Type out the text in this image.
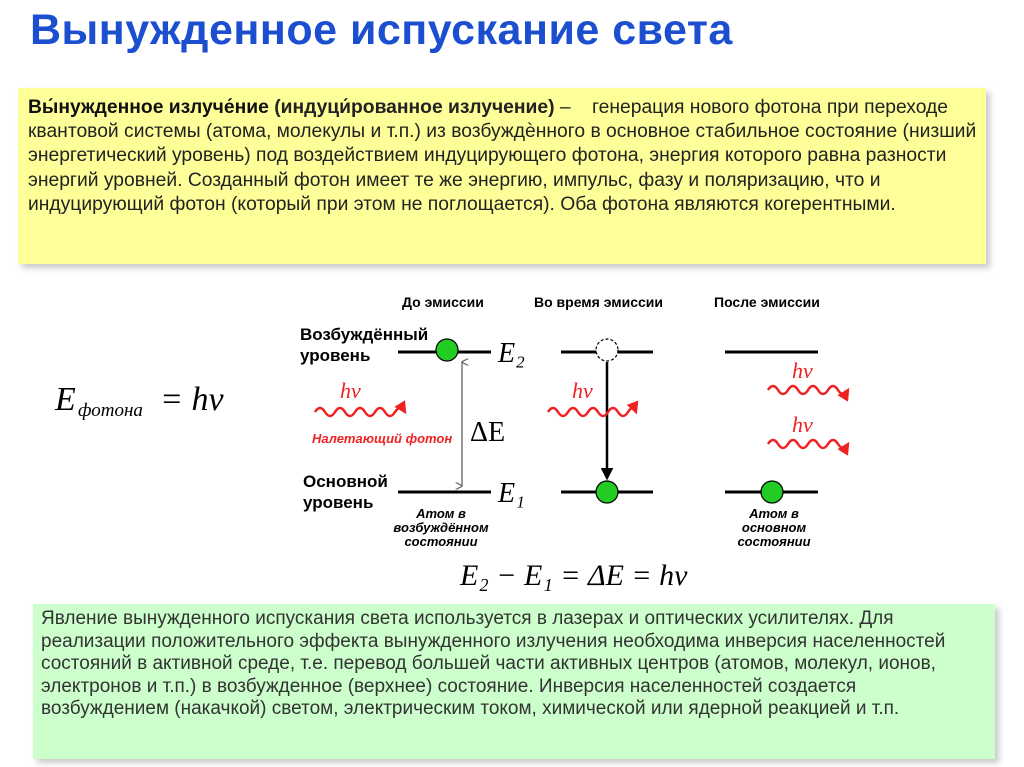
Вынужденное испускание света
Вы́нужденное излуче́ние (индуци́рованное излучение) – генерация нового фотона при переходе квантовой системы (атома, молекулы и т.п.) из возбуждѐнного в основное стабильное состояние (низший энергетический уровень) под воздействием индуцирующего фотона, энергия которого равна разности энергий уровней. Созданный фотон имеет те же энергию, импульс, фазу и поляризацию, что и индуцирующий фотон (который при этом не поглощается). Оба фотона являются когерентными.
E фотона = hν
До эмиссии	Во время эмиссии	После эмиссии
Возбуждённый
уровень
Основной
уровень
E₂
E₁
ΔE
hν
Налетающий фотон
Атом в
возбуждённом
состоянии
hν
hν
hν
Атом в
основном
состоянии
E₂ − E₁ = ΔE = hν
Явление вынужденного испускания света используется в лазерах и оптических усилителях. Для реализации положительного эффекта вынужденного излучения необходима инверсия населенностей состояний в активной среде, т.е. перевод большей части активных центров (атомов, молекул, ионов, электронов и т.п.) в возбужденное (верхнее) состояние. Инверсия населенностей создается возбуждением (накачкой) светом, электрическим током, химической или ядерной реакцией и т.п.
